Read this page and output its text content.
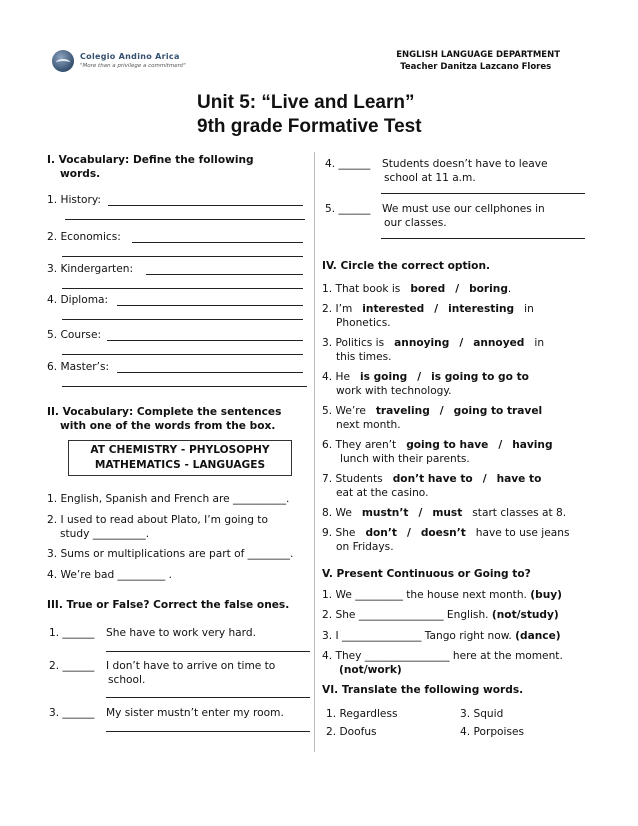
Colegio Andino Arica
"More than a privilege a commitment"
ENGLISH LANGUAGE DEPARTMENT
Teacher Danitza Lazcano Flores
Unit 5: “Live and Learn”
9th grade Formative Test
I. Vocabulary: Define the following
words.
1. History:
2. Economics:
3. Kindergarten:
4. Diploma:
5. Course:
6. Master’s:
II. Vocabulary: Complete the sentences
with one of the words from the box.
AT CHEMISTRY - PHYLOSOPHY
MATHEMATICS - LANGUAGES
1. English, Spanish and French are __________.
2. I used to read about Plato, I’m going to
study __________.
3. Sums or multiplications are part of ________.
4. We’re bad _________ .
III. True or False? Correct the false ones.
1. ______ She have to work very hard.
2. ______ I don’t have to arrive on time to
school.
3. ______ My sister mustn’t enter my room.
4. ______ Students doesn’t have to leave
school at 11 a.m.
5. ______ We must use our cellphones in
our classes.
IV. Circle the correct option.
1. That book is bored / boring.
2. I’m interested / interesting in
Phonetics.
3. Politics is annoying / annoyed in
this times.
4. He is going / is going to go to
work with technology.
5. We’re traveling / going to travel
next month.
6. They aren’t going to have / having
lunch with their parents.
7. Students don’t have to / have to
eat at the casino.
8. We mustn’t / must start classes at 8.
9. She don’t / doesn’t have to use jeans
on Fridays.
V. Present Continuous or Going to?
1. We _________ the house next month. (buy)
2. She ________________ English. (not/study)
3. I _______________ Tango right now. (dance)
4. They ________________ here at the moment.
(not/work)
VI. Translate the following words.
1. Regardless	3. Squid
2. Doofus	4. Porpoises
